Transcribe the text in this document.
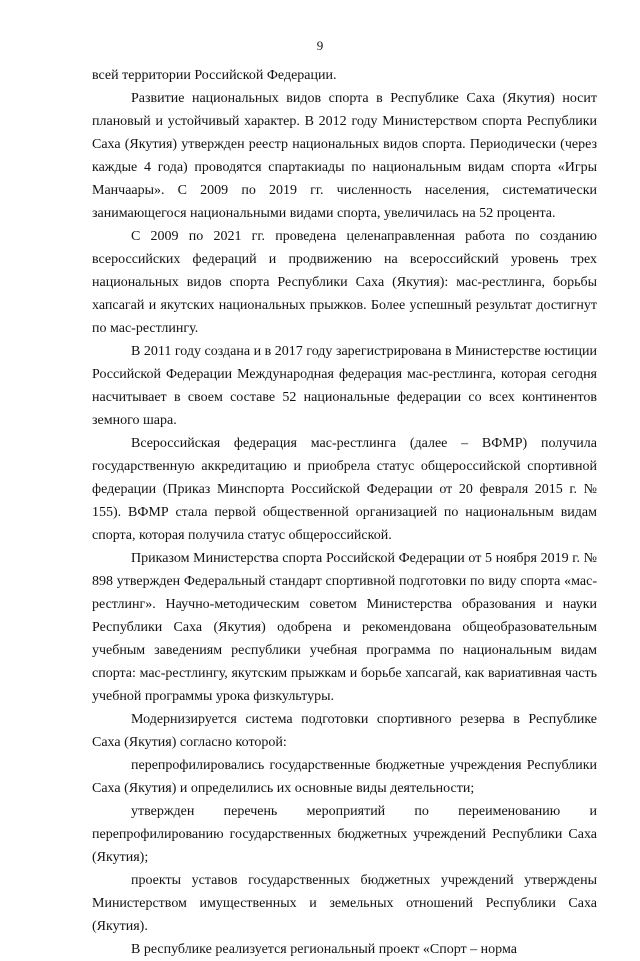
9

всей территории Российской Федерации.

Развитие национальных видов спорта в Республике Саха (Якутия) носит плановый и устойчивый характер. В 2012 году Министерством спорта Республики Саха (Якутия) утвержден реестр национальных видов спорта. Периодически (через каждые 4 года) проводятся спартакиады по национальным видам спорта «Игры Манчаары». С 2009 по 2019 гг. численность населения, систематически занимающегося национальными видами спорта, увеличилась на 52 процента.

С 2009 по 2021 гг. проведена целенаправленная работа по созданию всероссийских федераций и продвижению на всероссийский уровень трех национальных видов спорта Республики Саха (Якутия): мас-рестлинга, борьбы хапсагай и якутских национальных прыжков. Более успешный результат достигнут по мас-рестлингу.

В 2011 году создана и в 2017 году зарегистрирована в Министерстве юстиции Российской Федерации Международная федерация мас-рестлинга, которая сегодня насчитывает в своем составе 52 национальные федерации со всех континентов земного шара.

Всероссийская федерация мас-рестлинга (далее – ВФМР) получила государственную аккредитацию и приобрела статус общероссийской спортивной федерации (Приказ Минспорта Российской Федерации от 20 февраля 2015 г. № 155). ВФМР стала первой общественной организацией по национальным видам спорта, которая получила статус общероссийской.

Приказом Министерства спорта Российской Федерации от 5 ноября 2019 г. № 898 утвержден Федеральный стандарт спортивной подготовки по виду спорта «мас-рестлинг». Научно-методическим советом Министерства образования и науки Республики Саха (Якутия) одобрена и рекомендована общеобразовательным учебным заведениям республики учебная программа по национальным видам спорта: мас-рестлингу, якутским прыжкам и борьбе хапсагай, как вариативная часть учебной программы урока физкультуры.

Модернизируется система подготовки спортивного резерва в Республике Саха (Якутия) согласно которой:

перепрофилировались государственные бюджетные учреждения Республики Саха (Якутия) и определились их основные виды деятельности;

утвержден перечень мероприятий по переименованию и перепрофилированию государственных бюджетных учреждений Республики Саха (Якутия);

проекты уставов государственных бюджетных учреждений утверждены Министерством имущественных и земельных отношений Республики Саха (Якутия).

В республике реализуется региональный проект «Спорт – норма
